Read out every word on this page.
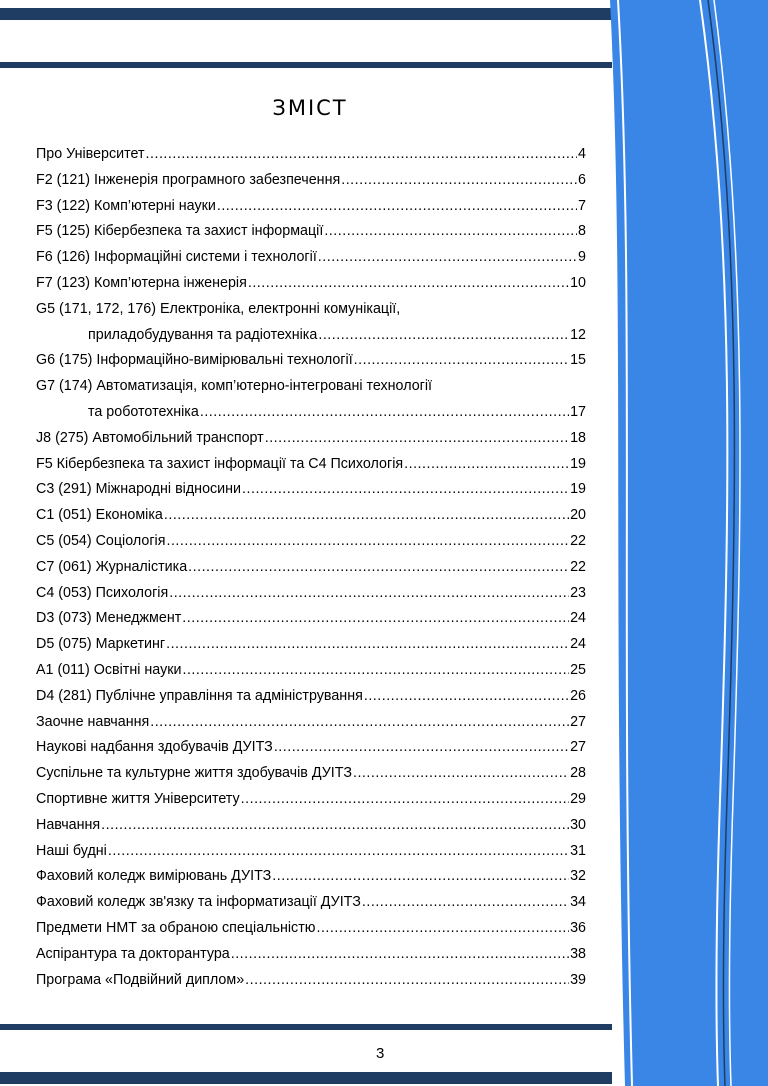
ЗМІСТ
Про Університет .....	4
F2 (121) Інженерія програмного забезпечення .....	6
F3 (122) Комп’ютерні науки .....	7
F5 (125) Кібербезпека та захист інформації .....	8
F6 (126) Інформаційні системи і технології .....	9
F7 (123) Комп’ютерна інженерія .....	10
G5 (171, 172, 176) Електроніка, електронні комунікації,
приладобудування та радіотехніка .....	12
G6 (175) Інформаційно-вимірювальні технології .....	15
G7 (174) Автоматизація, комп’ютерно-інтегровані технології
та робототехніка .....	17
J8 (275) Автомобільний транспорт .....	18
F5 Кібербезпека та захист інформації та C4 Психологія .....	19
C3 (291) Міжнародні відносини .....	19
C1 (051) Економіка .....	20
C5 (054) Соціологія .....	22
C7 (061) Журналістика .....	22
C4 (053) Психологія .....	23
D3 (073) Менеджмент .....	24
D5 (075) Маркетинг .....	24
A1 (011) Освітні науки .....	25
D4 (281) Публічне управління та адміністрування .....	26
Заочне навчання .....	27
Наукові надбання здобувачів ДУІТЗ .....	27
Суспільне та культурне життя здобувачів ДУІТЗ .....	28
Спортивне життя Університету .....	29
Навчання .....	30
Наші будні .....	31
Фаховий коледж вимірювань ДУІТЗ .....	32
Фаховий коледж зв'язку та інформатизації ДУІТЗ .....	34
Предмети НМТ за обраною спеціальністю .....	36
Аспірантура та докторантура .....	38
Програма «Подвійний диплом» .....	39
3
